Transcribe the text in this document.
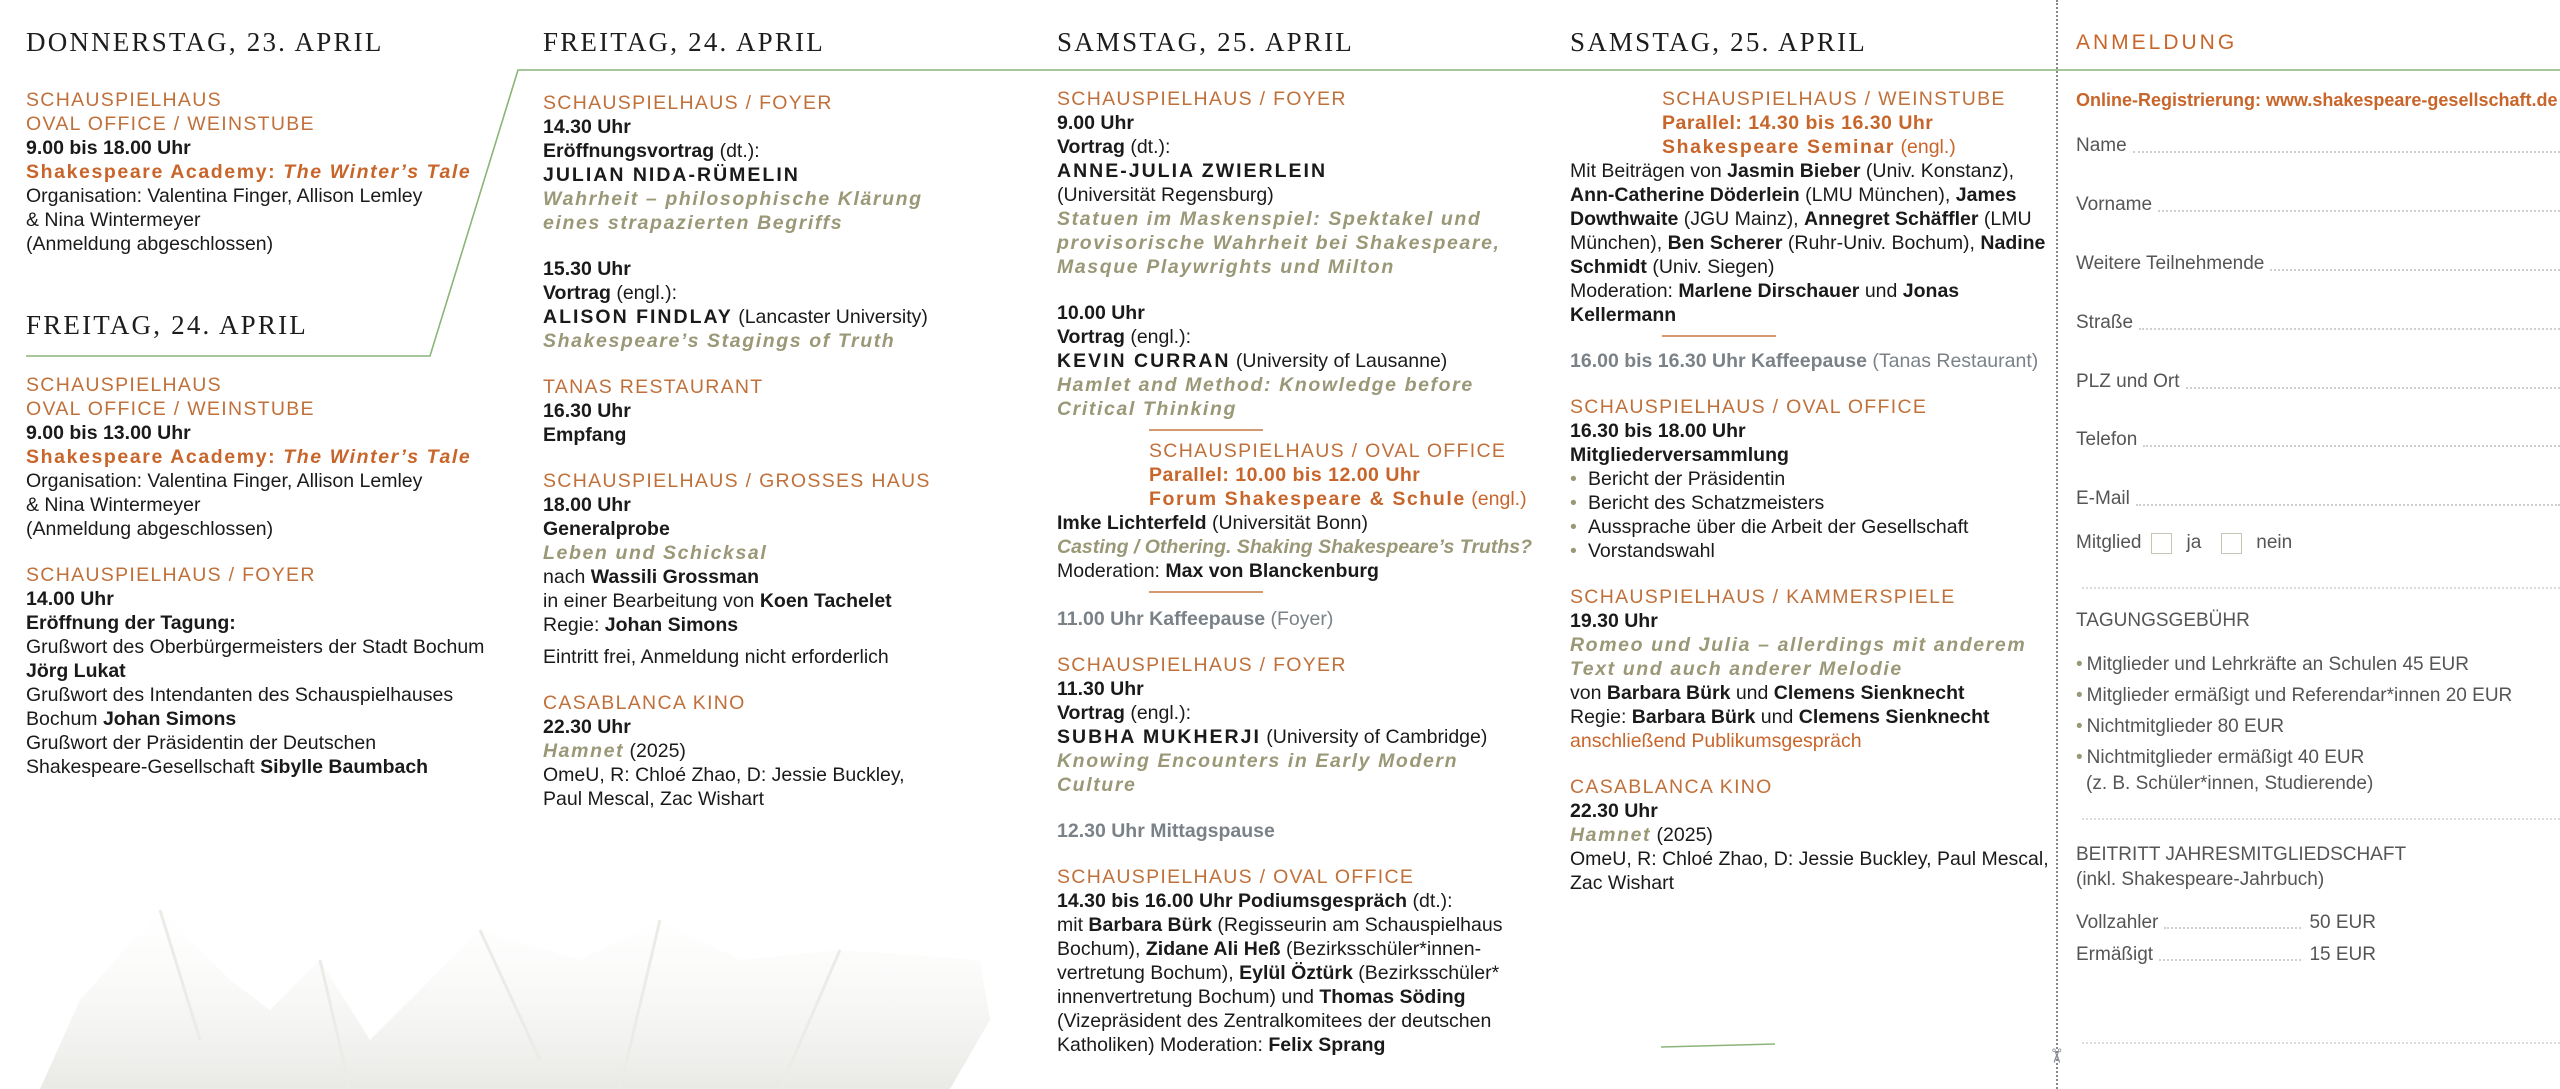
DONNERSTAG, 23. APRIL
SCHAUSPIELHAUS
OVAL OFFICE / WEINSTUBE
9.00 bis 18.00 Uhr
Shakespeare Academy: The Winter’s Tale
Organisation: Valentina Finger, Allison Lemley
& Nina Wintermeyer
(Anmeldung abgeschlossen)
FREITAG, 24. APRIL
SCHAUSPIELHAUS
OVAL OFFICE / WEINSTUBE
9.00 bis 13.00 Uhr
Shakespeare Academy: The Winter’s Tale
Organisation: Valentina Finger, Allison Lemley
& Nina Wintermeyer
(Anmeldung abgeschlossen)
SCHAUSPIELHAUS / FOYER
14.00 Uhr
Eröffnung der Tagung:
Grußwort des Oberbürgermeisters der Stadt Bochum
Jörg Lukat
Grußwort des Intendanten des Schauspielhauses
Bochum Johan Simons
Grußwort der Präsidentin der Deutschen
Shakespeare-Gesellschaft Sibylle Baumbach
FREITAG, 24. APRIL
SCHAUSPIELHAUS / FOYER
14.30 Uhr
Eröffnungsvortrag (dt.):
JULIAN NIDA-RÜMELIN
Wahrheit – philosophische Klärung
eines strapazierten Begriffs
15.30 Uhr
Vortrag (engl.):
ALISON FINDLAY (Lancaster University)
Shakespeare’s Stagings of Truth
TANAS RESTAURANT
16.30 Uhr
Empfang
SCHAUSPIELHAUS / GROSSES HAUS
18.00 Uhr
Generalprobe
Leben und Schicksal
nach Wassili Grossman
in einer Bearbeitung von Koen Tachelet
Regie: Johan Simons
Eintritt frei, Anmeldung nicht erforderlich
CASABLANCA KINO
22.30 Uhr
Hamnet (2025)
OmeU, R: Chloé Zhao, D: Jessie Buckley,
Paul Mescal, Zac Wishart
SAMSTAG, 25. APRIL
SCHAUSPIELHAUS / FOYER
9.00 Uhr
Vortrag (dt.):
ANNE-JULIA ZWIERLEIN
(Universität Regensburg)
Statuen im Maskenspiel: Spektakel und
provisorische Wahrheit bei Shakespeare,
Masque Playwrights und Milton
10.00 Uhr
Vortrag (engl.):
KEVIN CURRAN (University of Lausanne)
Hamlet and Method: Knowledge before
Critical Thinking
SCHAUSPIELHAUS / OVAL OFFICE
Parallel: 10.00 bis 12.00 Uhr
Forum Shakespeare & Schule (engl.)
Imke Lichterfeld (Universität Bonn)
Casting / Othering. Shaking Shakespeare’s Truths?
Moderation: Max von Blanckenburg
11.00 Uhr Kaffeepause (Foyer)
SCHAUSPIELHAUS / FOYER
11.30 Uhr
Vortrag (engl.):
SUBHA MUKHERJI (University of Cambridge)
Knowing Encounters in Early Modern
Culture
12.30 Uhr Mittagspause
SCHAUSPIELHAUS / OVAL OFFICE
14.30 bis 16.00 Uhr Podiumsgespräch (dt.):
mit Barbara Bürk (Regisseurin am Schauspielhaus Bochum), Zidane Ali Heß (Bezirksschüler*innen-vertretung Bochum), Eylül Öztürk (Bezirksschüler* innenvertretung Bochum) und Thomas Söding (Vizepräsident des Zentralkomitees der deutschen Katholiken) Moderation: Felix Sprang
SAMSTAG, 25. APRIL
SCHAUSPIELHAUS / WEINSTUBE
Parallel: 14.30 bis 16.30 Uhr
Shakespeare Seminar (engl.)
Mit Beiträgen von Jasmin Bieber (Univ. Konstanz), Ann-Catherine Döderlein (LMU München), James Dowthwaite (JGU Mainz), Annegret Schäffler (LMU München), Ben Scherer (Ruhr-Univ. Bochum), Nadine Schmidt (Univ. Siegen)
Moderation: Marlene Dirschauer und Jonas Kellermann
16.00 bis 16.30 Uhr Kaffeepause (Tanas Restaurant)
SCHAUSPIELHAUS / OVAL OFFICE
16.30 bis 18.00 Uhr
Mitgliederversammlung
• Bericht der Präsidentin
• Bericht des Schatzmeisters
• Aussprache über die Arbeit der Gesellschaft
• Vorstandswahl
SCHAUSPIELHAUS / KAMMERSPIELE
19.30 Uhr
Romeo und Julia – allerdings mit anderem
Text und auch anderer Melodie
von Barbara Bürk und Clemens Sienknecht
Regie: Barbara Bürk und Clemens Sienknecht
anschließend Publikumsgespräch
CASABLANCA KINO
22.30 Uhr
Hamnet (2025)
OmeU, R: Chloé Zhao, D: Jessie Buckley, Paul Mescal,
Zac Wishart
✂
ANMELDUNG
Online-Registrierung: www.shakespeare-gesellschaft.de
Name
Vorname
Weitere Teilnehmende
Straße
PLZ und Ort
Telefon
E-Mail
Mitglied ja	nein
TAGUNGSGEBÜHR
• Mitglieder und Lehrkräfte an Schulen 45 EUR
• Mitglieder ermäßigt und Referendar*innen 20 EUR
• Nichtmitglieder 80 EUR
• Nichtmitglieder ermäßigt 40 EUR
(z. B. Schüler*innen, Studierende)
BEITRITT JAHRESMITGLIEDSCHAFT
(inkl. Shakespeare-Jahrbuch)
Vollzahler	50 EUR
Ermäßigt	15 EUR
